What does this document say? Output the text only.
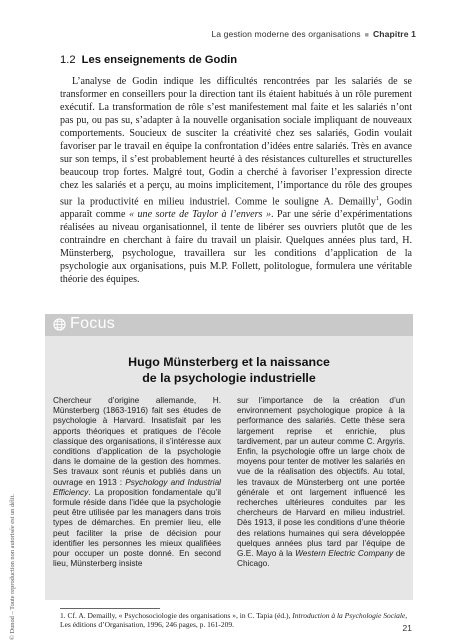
La gestion moderne des organisations ■ Chapitre 1
1.2 Les enseignements de Godin

L’analyse de Godin indique les difficultés rencontrées par les salariés de se transformer en conseillers pour la direction tant ils étaient habitués à un rôle purement exécutif. La transformation de rôle s’est manifestement mal faite et les salariés n’ont pas pu, ou pas su, s’adapter à la nouvelle organisation sociale impliquant de nouveaux comportements. Soucieux de susciter la créativité chez ses salariés, Godin voulait favoriser par le travail en équipe la confrontation d’idées entre salariés. Très en avance sur son temps, il s’est probablement heurté à des résistances culturelles et structurelles beaucoup trop fortes. Malgré tout, Godin a cherché à favoriser l’expression directe chez les salariés et a perçu, au moins implicitement, l’importance du rôle des groupes sur la productivité en milieu industriel. Comme le souligne A. Demailly$^1$, Godin apparaît comme « une sorte de Taylor à l’envers ». Par une série d’expérimentations réalisées au niveau organisationnel, il tente de libérer ses ouvriers plutôt que de les contraindre en cherchant à faire du travail un plaisir. Quelques années plus tard, H. Münsterberg, psychologue, travaillera sur les conditions d’application de la psychologie aux organisations, puis M.P. Follett, politologue, formulera une véritable théorie des équipes.

Focus
Hugo Münsterberg et la naissance
de la psychologie industrielle

Chercheur d’origine allemande, H. Münsterberg (1863-1916) fait ses études de psychologie à Harvard. Insatisfait par les apports théoriques et pratiques de l’école classique des organisations, il s’intéresse aux conditions d’application de la psychologie dans le domaine de la gestion des hommes. Ses travaux sont réunis et publiés dans un ouvrage en 1913 : Psychology and Industrial Efficiency. La proposition fondamentale qu’il formule réside dans l’idée que la psychologie peut être utilisée par les managers dans trois types de démarches. En premier lieu, elle peut faciliter la prise de décision pour identifier les personnes les mieux qualifiées pour occuper un poste donné. En second lieu, Münsterberg insiste

sur l’importance de la création d’un environnement psychologique propice à la performance des salariés. Cette thèse sera largement reprise et enrichie, plus tardivement, par un auteur comme C. Argyris. Enfin, la psychologie offre un large choix de moyens pour tenter de motiver les salariés en vue de la réalisation des objectifs. Au total, les travaux de Münsterberg ont une portée générale et ont largement influencé les recherches ultérieures conduites par les chercheurs de Harvard en milieu industriel. Dès 1913, il pose les conditions d’une théorie des relations humaines qui sera développée quelques années plus tard par l’équipe de G.E. Mayo à la Western Electric Company de Chicago.

© Dunod – Toute reproduction non autorisée est un délit.	1. Cf. A. Demailly, « Psychosociologie des organisations », in C. Tapia (éd.), Introduction à la Psychologie Sociale, Les éditions d’Organisation, 1996, 246 pages, p. 161-209.	21
